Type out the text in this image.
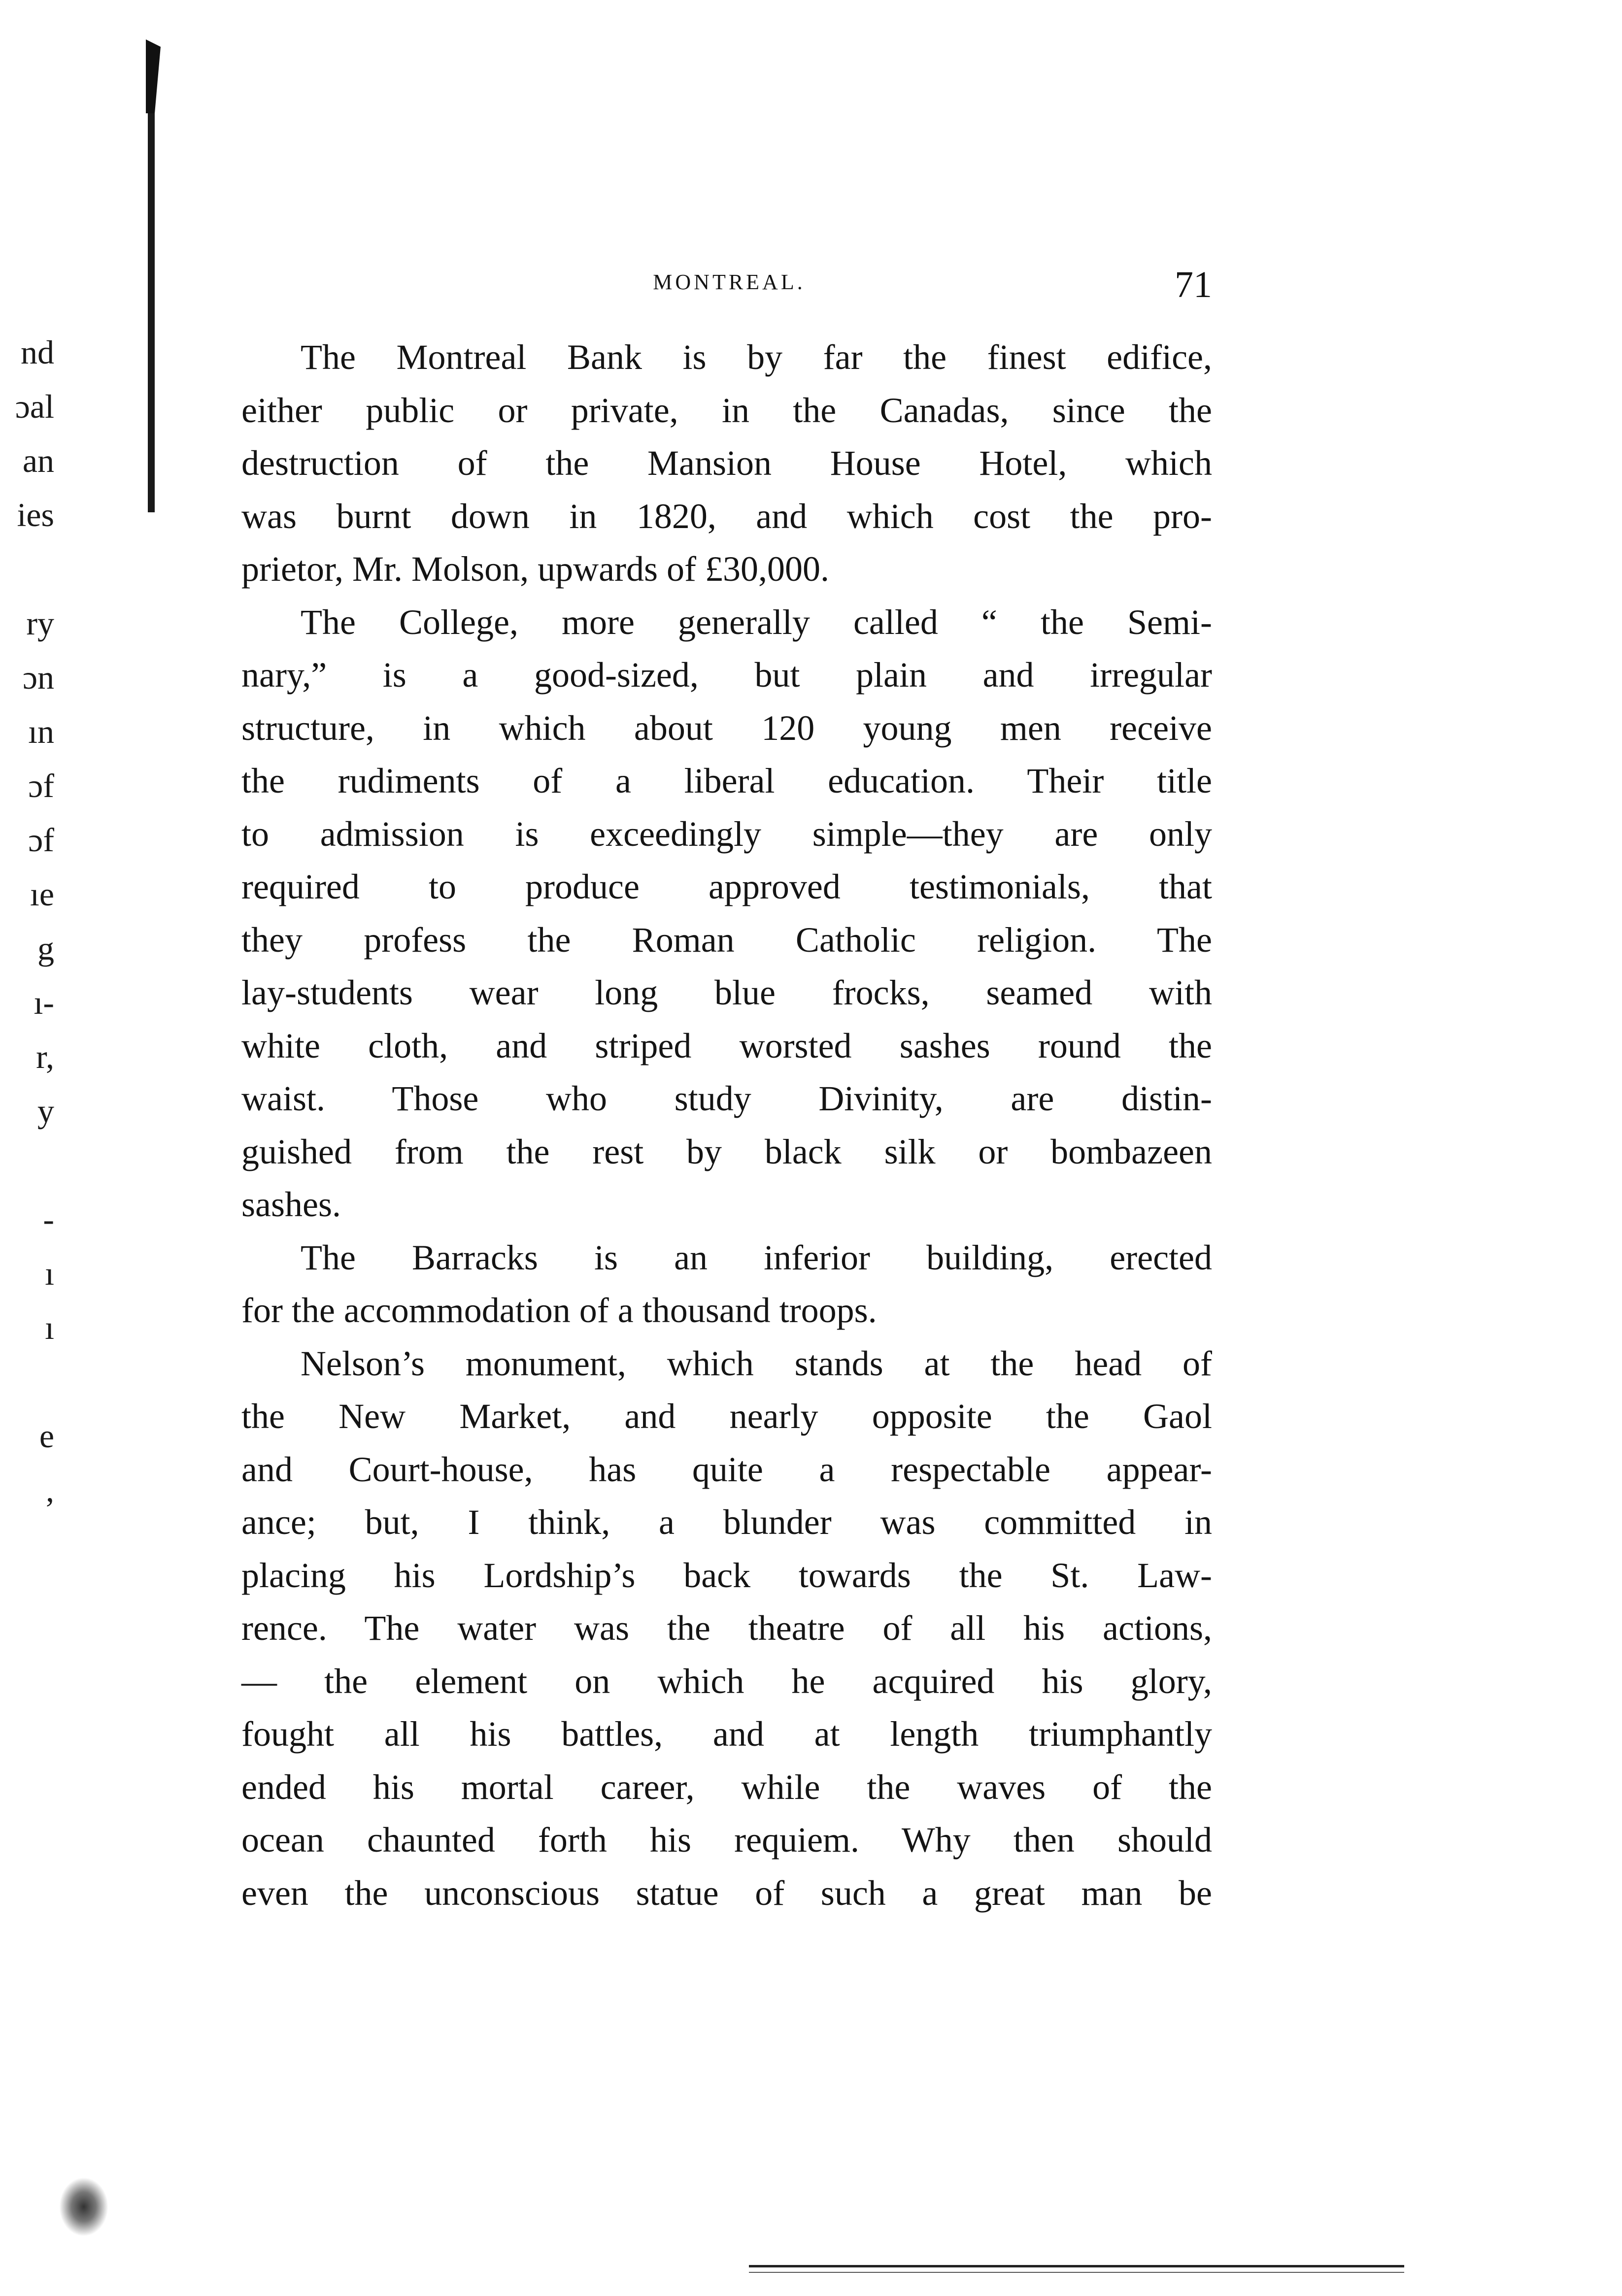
nd
ɔal
an
ies
ry
ɔn
ın
ɔf
ɔf
ıe
g
ı-
r,
y
-
ı
ı
e
,
MONTREAL.	71
The Montreal Bank is by far the finest edifice,
either public or private, in the Canadas, since the
destruction of the Mansion House Hotel, which
was burnt down in 1820, and which cost the pro-
prietor, Mr. Molson, upwards of £30,000.
The College, more generally called “ the Semi-
nary,” is a good-sized, but plain and irregular
structure, in which about 120 young men receive
the rudiments of a liberal education. Their title
to admission is exceedingly simple—they are only
required to produce approved testimonials, that
they profess the Roman Catholic religion. The
lay-students wear long blue frocks, seamed with
white cloth, and striped worsted sashes round the
waist. Those who study Divinity, are distin-
guished from the rest by black silk or bombazeen
sashes.
The Barracks is an inferior building, erected
for the accommodation of a thousand troops.
Nelson’s monument, which stands at the head of
the New Market, and nearly opposite the Gaol
and Court-house, has quite a respectable appear-
ance; but, I think, a blunder was committed in
placing his Lordship’s back towards the St. Law-
rence. The water was the theatre of all his actions,
— the element on which he acquired his glory,
fought all his battles, and at length triumphantly
ended his mortal career, while the waves of the
ocean chaunted forth his requiem. Why then should
even the unconscious statue of such a great man be
